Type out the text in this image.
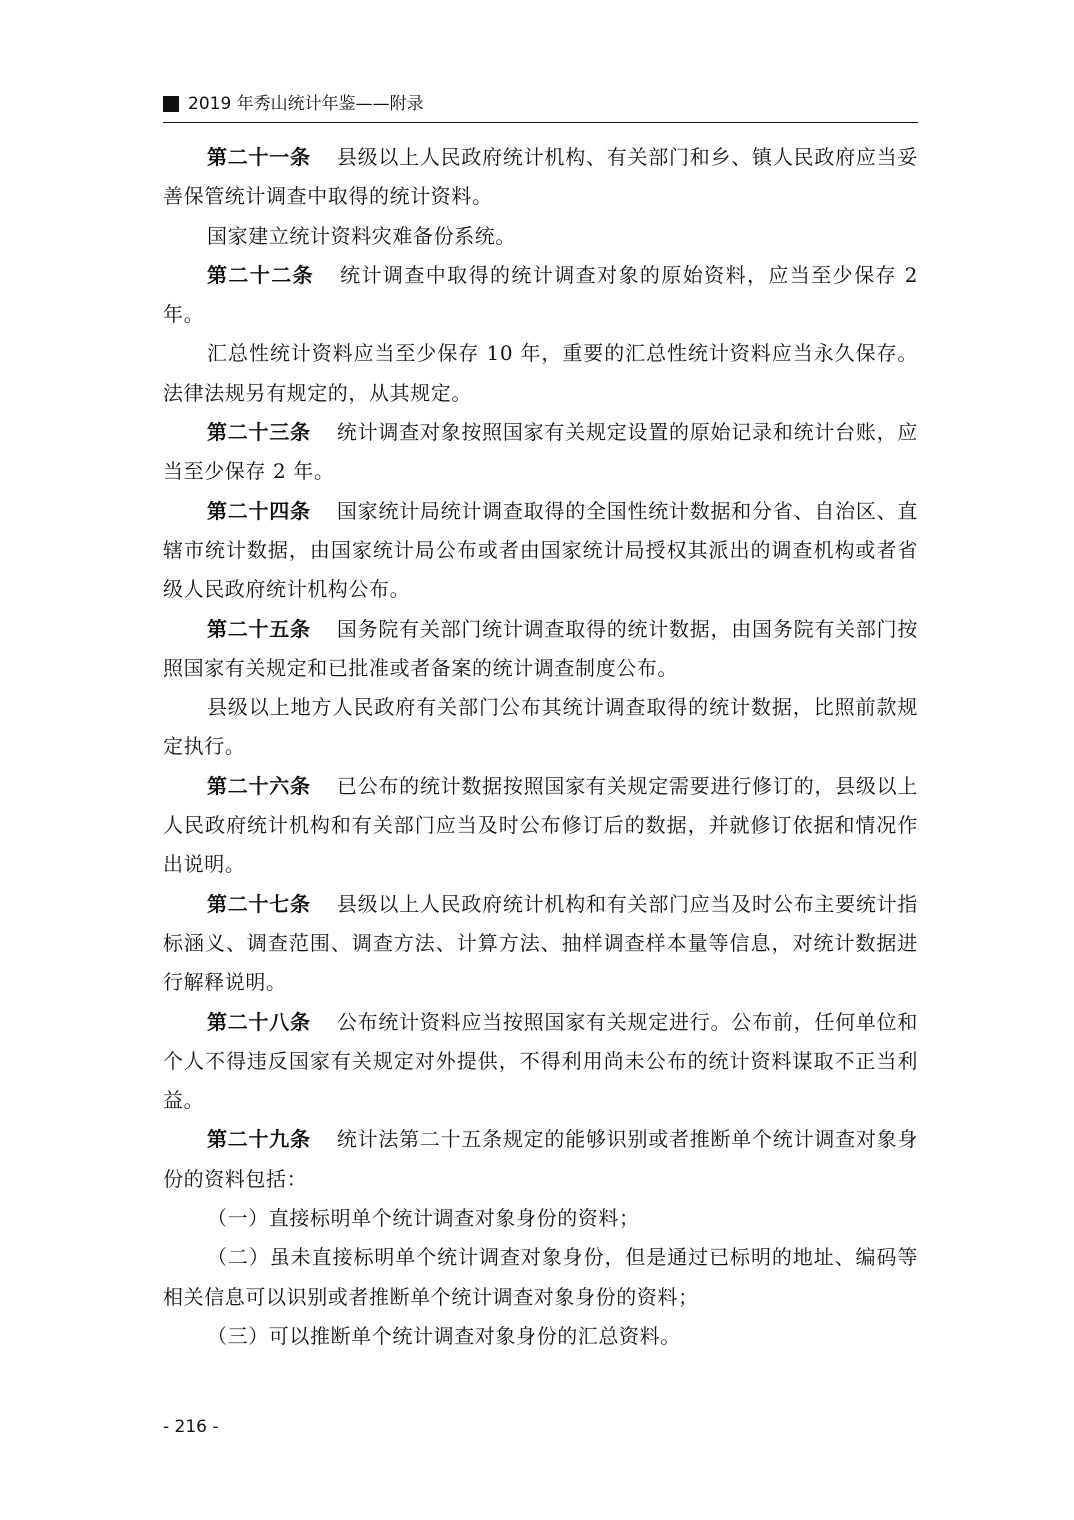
2019 年秀山统计年鉴——附录

第二十一条 县级以上人民政府统计机构、有关部门和乡、镇人民政府应当妥善保管统计调查中取得的统计资料。

国家建立统计资料灾难备份系统。

第二十二条 统计调查中取得的统计调查对象的原始资料，应当至少保存 2 年。

汇总性统计资料应当至少保存 10 年，重要的汇总性统计资料应当永久保存。法律法规另有规定的，从其规定。

第二十三条 统计调查对象按照国家有关规定设置的原始记录和统计台账，应当至少保存 2 年。

第二十四条 国家统计局统计调查取得的全国性统计数据和分省、自治区、直辖市统计数据，由国家统计局公布或者由国家统计局授权其派出的调查机构或者省级人民政府统计机构公布。

第二十五条 国务院有关部门统计调查取得的统计数据，由国务院有关部门按照国家有关规定和已批准或者备案的统计调查制度公布。

县级以上地方人民政府有关部门公布其统计调查取得的统计数据，比照前款规定执行。

第二十六条 已公布的统计数据按照国家有关规定需要进行修订的，县级以上人民政府统计机构和有关部门应当及时公布修订后的数据，并就修订依据和情况作出说明。

第二十七条 县级以上人民政府统计机构和有关部门应当及时公布主要统计指标涵义、调查范围、调查方法、计算方法、抽样调查样本量等信息，对统计数据进行解释说明。

第二十八条 公布统计资料应当按照国家有关规定进行。公布前，任何单位和个人不得违反国家有关规定对外提供，不得利用尚未公布的统计资料谋取不正当利益。

第二十九条 统计法第二十五条规定的能够识别或者推断单个统计调查对象身份的资料包括：

（一）直接标明单个统计调查对象身份的资料；

（二）虽未直接标明单个统计调查对象身份，但是通过已标明的地址、编码等相关信息可以识别或者推断单个统计调查对象身份的资料；

（三）可以推断单个统计调查对象身份的汇总资料。

- 216 -
